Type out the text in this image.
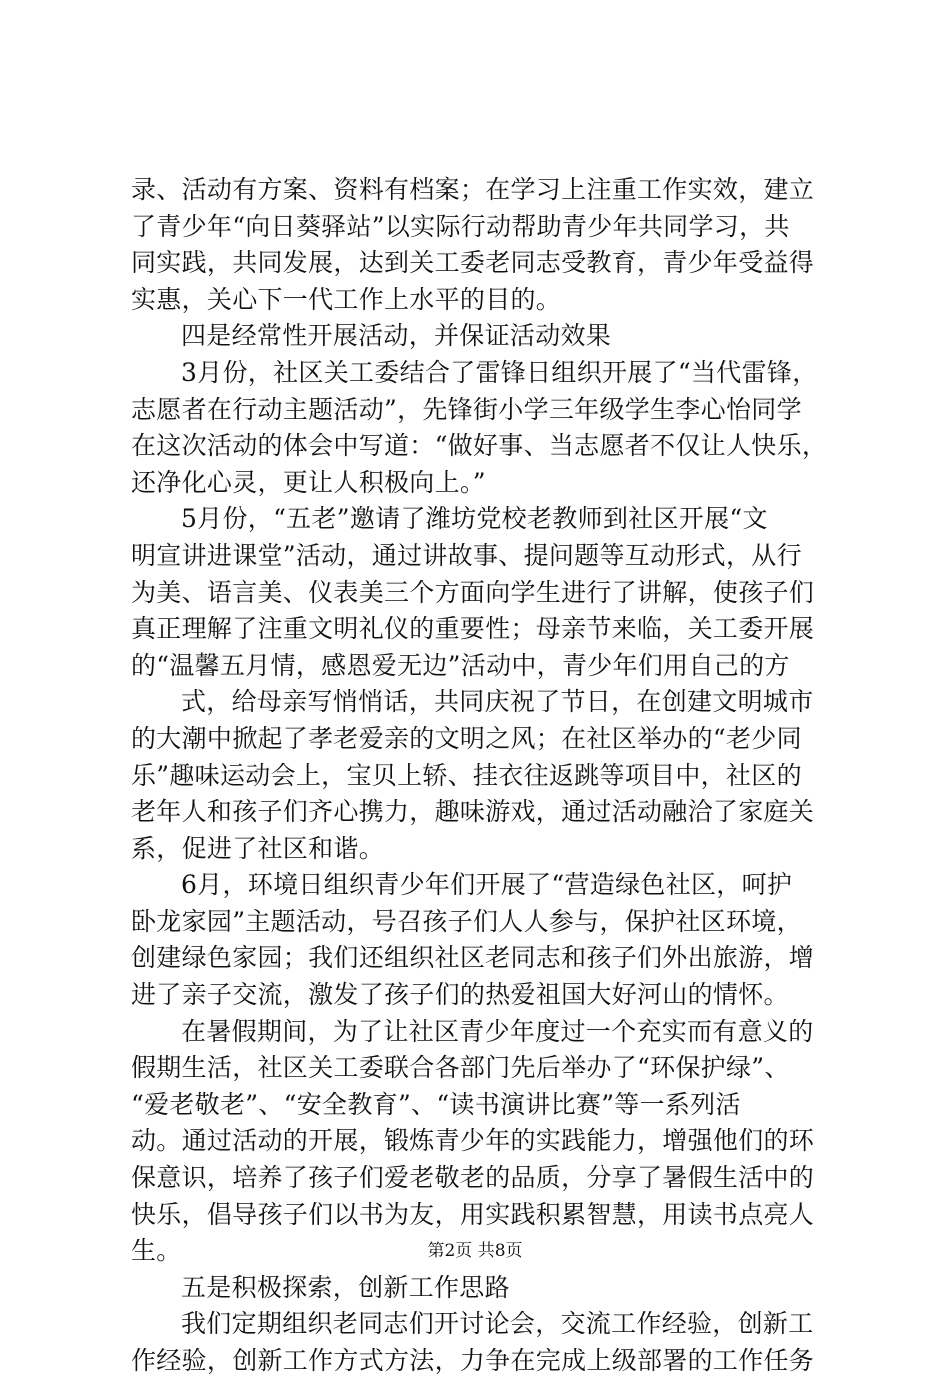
录、活动有方案、资料有档案；在学习上注重工作实效，建立
了青少年“向日葵驿站”以实际行动帮助青少年共同学习，共
同实践，共同发展，达到关工委老同志受教育，青少年受益得
实惠，关心下一代工作上水平的目的。
四是经常性开展活动，并保证活动效果
3月份，社区关工委结合了雷锋日组织开展了“当代雷锋，
志愿者在行动主题活动”，先锋街小学三年级学生李心怡同学
在这次活动的体会中写道：“做好事、当志愿者不仅让人快乐，
还净化心灵，更让人积极向上。”
5月份，“五老”邀请了潍坊党校老教师到社区开展“文
明宣讲进课堂”活动，通过讲故事、提问题等互动形式，从行
为美、语言美、仪表美三个方面向学生进行了讲解，使孩子们
真正理解了注重文明礼仪的重要性；母亲节来临，关工委开展
的“温馨五月情，感恩爱无边”活动中，青少年们用自己的方
式，给母亲写悄悄话，共同庆祝了节日，在创建文明城市
的大潮中掀起了孝老爱亲的文明之风；在社区举办的“老少同
乐”趣味运动会上，宝贝上轿、挂衣往返跳等项目中，社区的
老年人和孩子们齐心携力，趣味游戏，通过活动融洽了家庭关
系，促进了社区和谐。
6月，环境日组织青少年们开展了“营造绿色社区，呵护
卧龙家园”主题活动，号召孩子们人人参与，保护社区环境，
创建绿色家园；我们还组织社区老同志和孩子们外出旅游，增
进了亲子交流，激发了孩子们的热爱祖国大好河山的情怀。
在暑假期间，为了让社区青少年度过一个充实而有意义的
假期生活，社区关工委联合各部门先后举办了“环保护绿”、
“爱老敬老”、“安全教育”、“读书演讲比赛”等一系列活
动。通过活动的开展，锻炼青少年的实践能力，增强他们的环
保意识，培养了孩子们爱老敬老的品质，分享了暑假生活中的
快乐，倡导孩子们以书为友，用实践积累智慧，用读书点亮人
生。
五是积极探索，创新工作思路
我们定期组织老同志们开讨论会，交流工作经验，创新工
作经验，创新工作方式方法，力争在完成上级部署的工作任务
第2页 共8页
